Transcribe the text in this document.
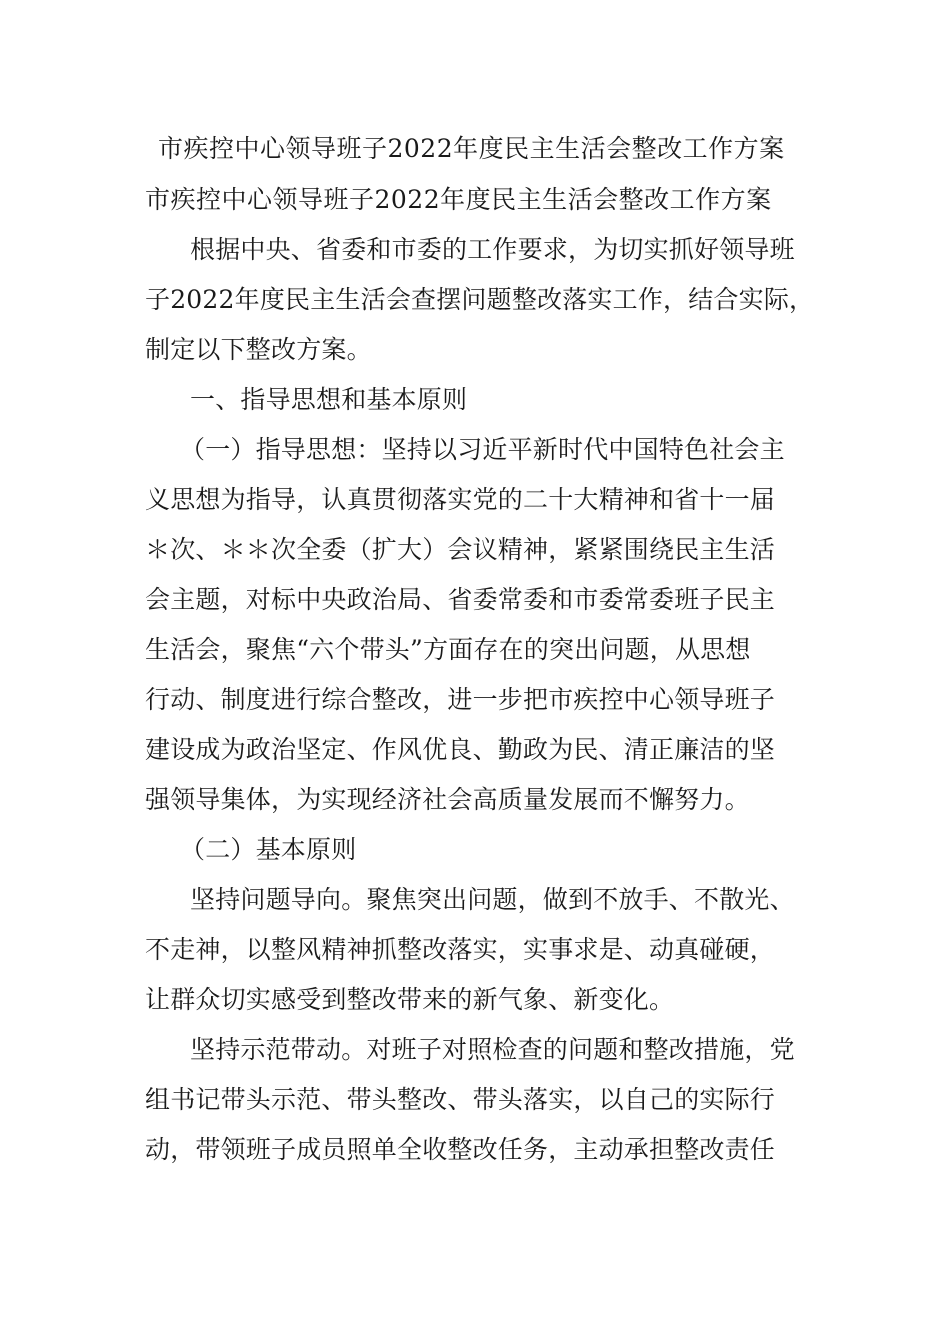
市疾控中心领导班子2022年度民主生活会整改工作方案
市疾控中心领导班子2022年度民主生活会整改工作方案
根据中央、省委和市委的工作要求，为切实抓好领导班
子2022年度民主生活会查摆问题整改落实工作，结合实际，
制定以下整改方案。
一、指导思想和基本原则
（一）指导思想：坚持以习近平新时代中国特色社会主
义思想为指导，认真贯彻落实党的二十大精神和省十一届
＊次、＊＊次全委（扩大）会议精神，紧紧围绕民主生活
会主题，对标中央政治局、省委常委和市委常委班子民主
生活会，聚焦“六个带头”方面存在的突出问题，从思想
行动、制度进行综合整改，进一步把市疾控中心领导班子
建设成为政治坚定、作风优良、勤政为民、清正廉洁的坚
强领导集体，为实现经济社会高质量发展而不懈努力。
（二）基本原则
坚持问题导向。聚焦突出问题，做到不放手、不散光、
不走神，以整风精神抓整改落实，实事求是、动真碰硬，
让群众切实感受到整改带来的新气象、新变化。
坚持示范带动。对班子对照检查的问题和整改措施，党
组书记带头示范、带头整改、带头落实，以自己的实际行
动，带领班子成员照单全收整改任务，主动承担整改责任
